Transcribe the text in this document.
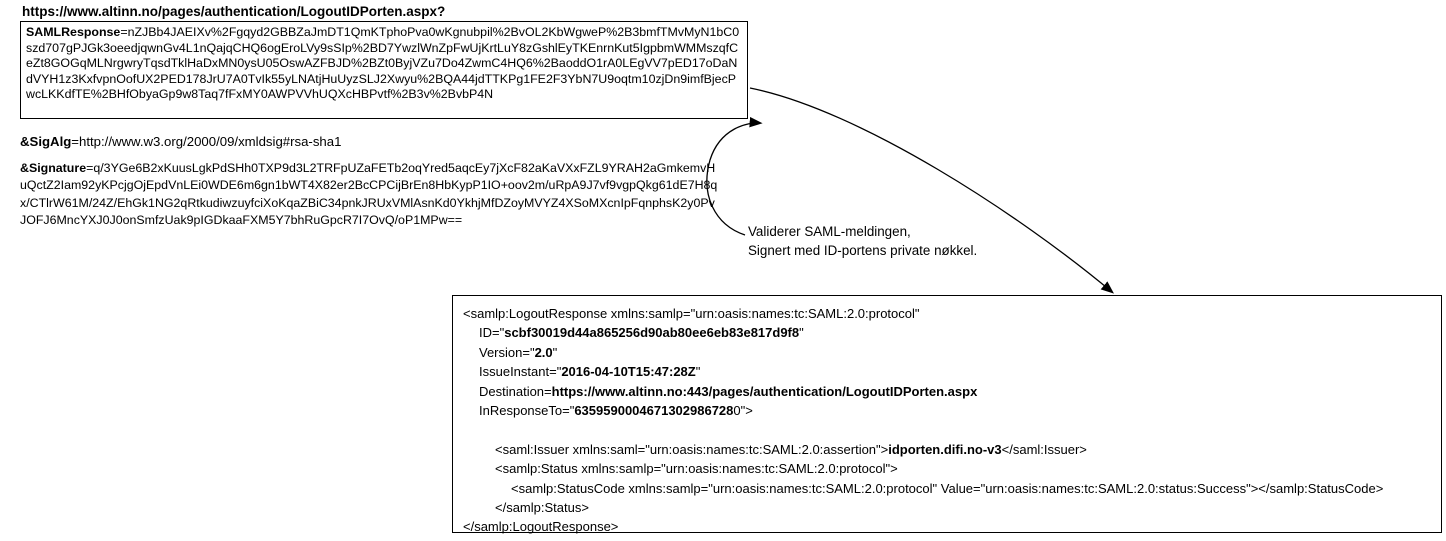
https://www.altinn.no/pages/authentication/LogoutIDPorten.aspx?
SAMLResponse=nZJBb4JAEIXv%2Fgqyd2GBBZaJmDT1QmKTphoPva0wKgnubpil%2BvOL2KbWgweP%2B3bmfTMvMyN1bC0szd707gPJGk3oeedjqwnGv4L1nQajqCHQ6ogEroLVy9sSIp%2BD7YwzlWnZpFwUjKrtLuY8zGshlEyTKEnrnKut5IgpbmWMMszqfCeZt8GOGqMLNrgwryTqsdTklHaDxMN0ysU05OswAZFBJD%2BZt0ByjVZu7Do4ZwmC4HQ6%2BaoddO1rA0LEgVV7pED17oDaNdVYH1z3KxfvpnOofUX2PED178JrU7A0TvIk55yLNAtjHuUyzSLJ2Xwyu%2BQA44jdTTKPg1FE2F3YbN7U9oqtm10zjDn9imfBjecPwcLKKdfTE%2BHfObyaGp9w8Taq7fFxMY0AWPVVhUQXcHBPvtf%2B3v%2BvbP4N
&SigAlg=http://www.w3.org/2000/09/xmldsig#rsa-sha1
&Signature=q/3YGe6B2xKuusLgkPdSHh0TXP9d3L2TRFpUZaFETb2oqYred5aqcEy7jXcF82aKaVXxFZL9YRAH2aGmkemvHuQctZ2Iam92yKPcjgOjEpdVnLEi0WDE6m6gn1bWT4X82er2BcCPCijBrEn8HbKypP1IO+oov2m/uRpA9J7vf9vgpQkg61dE7H8qx/CTlrW61M/24Z/EhGk1NG2qRtkudiwzuyfciXoKqaZBiC34pnkJRUxVMlAsnKd0YkhjMfDZoyMVYZ4XSoMXcnIpFqnphsK2y0PvJOFJ6MncYXJ0J0onSmfzUak9pIGDkaaFXM5Y7bhRuGpcR7I7OvQ/oP1MPw==
Validerer SAML-meldingen,
Signert med ID-portens private nøkkel.
<samlp:LogoutResponse xmlns:samlp="urn:oasis:names:tc:SAML:2.0:protocol"
ID="scbf30019d44a865256d90ab80ee6eb83e817d9f8"
Version="2.0"
IssueInstant="2016-04-10T15:47:28Z"
Destination=https://www.altinn.no:443/pages/authentication/LogoutIDPorten.aspx
InResponseTo="63595900046713029867280">

<saml:Issuer xmlns:saml="urn:oasis:names:tc:SAML:2.0:assertion">idporten.difi.no-v3</saml:Issuer>
<samlp:Status xmlns:samlp="urn:oasis:names:tc:SAML:2.0:protocol">
<samlp:StatusCode xmlns:samlp="urn:oasis:names:tc:SAML:2.0:protocol" Value="urn:oasis:names:tc:SAML:2.0:status:Success"></samlp:StatusCode>
</samlp:Status>
</samlp:LogoutResponse>
